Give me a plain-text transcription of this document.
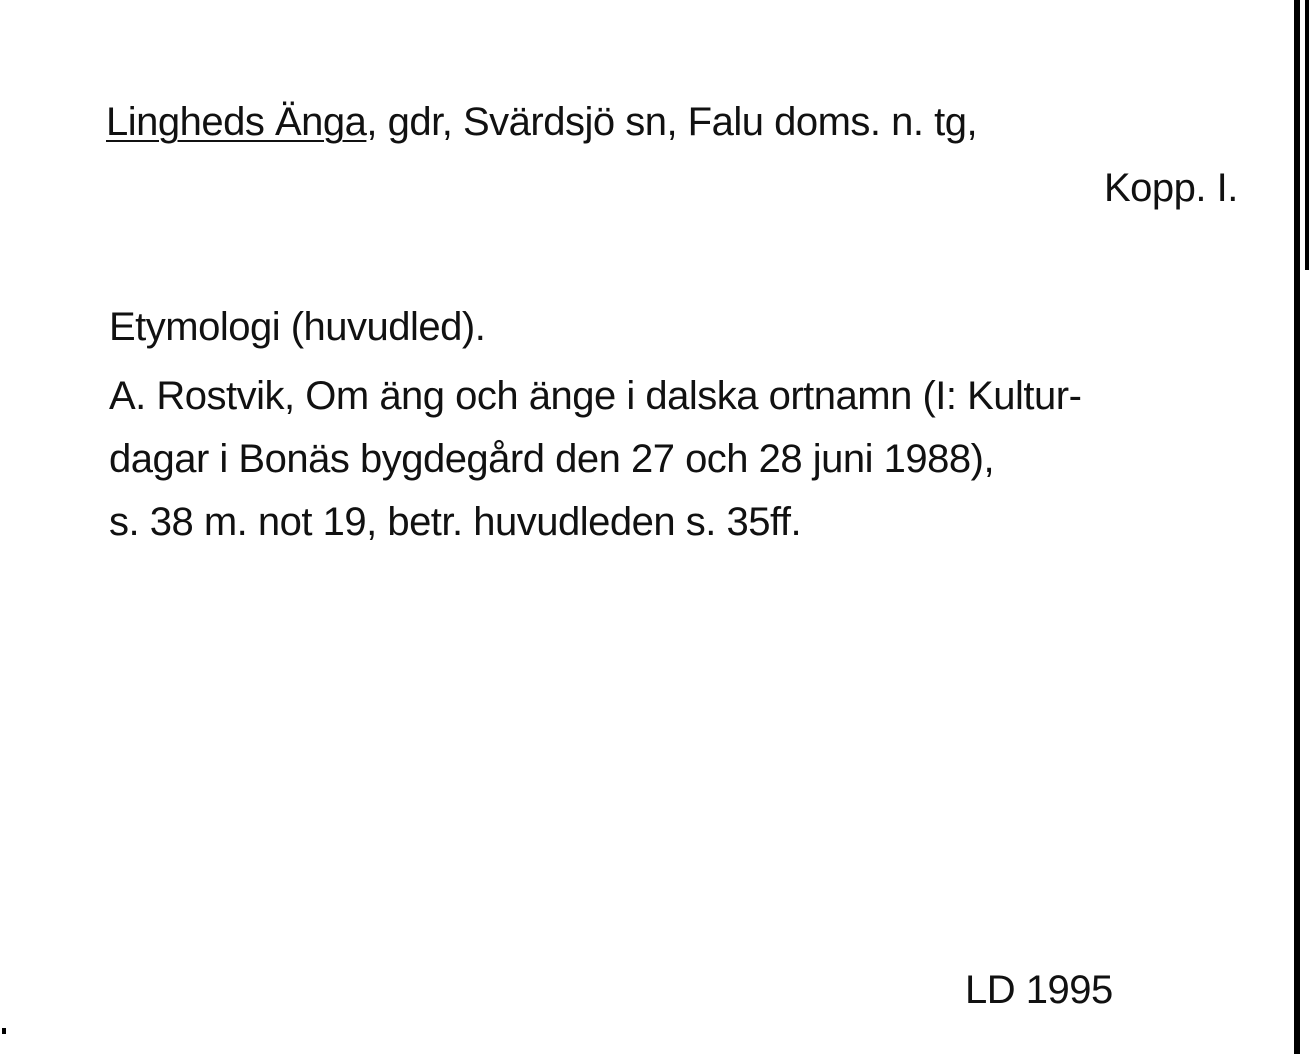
Lingheds Änga, gdr, Svärdsjö sn, Falu doms. n. tg,
Kopp. I.
Etymologi (huvudled).
A. Rostvik, Om äng och änge i dalska ortnamn (I: Kultur-
dagar i Bonäs bygdegård den 27 och 28 juni 1988),
s. 38 m. not 19, betr. huvudleden s. 35ff.
LD 1995
